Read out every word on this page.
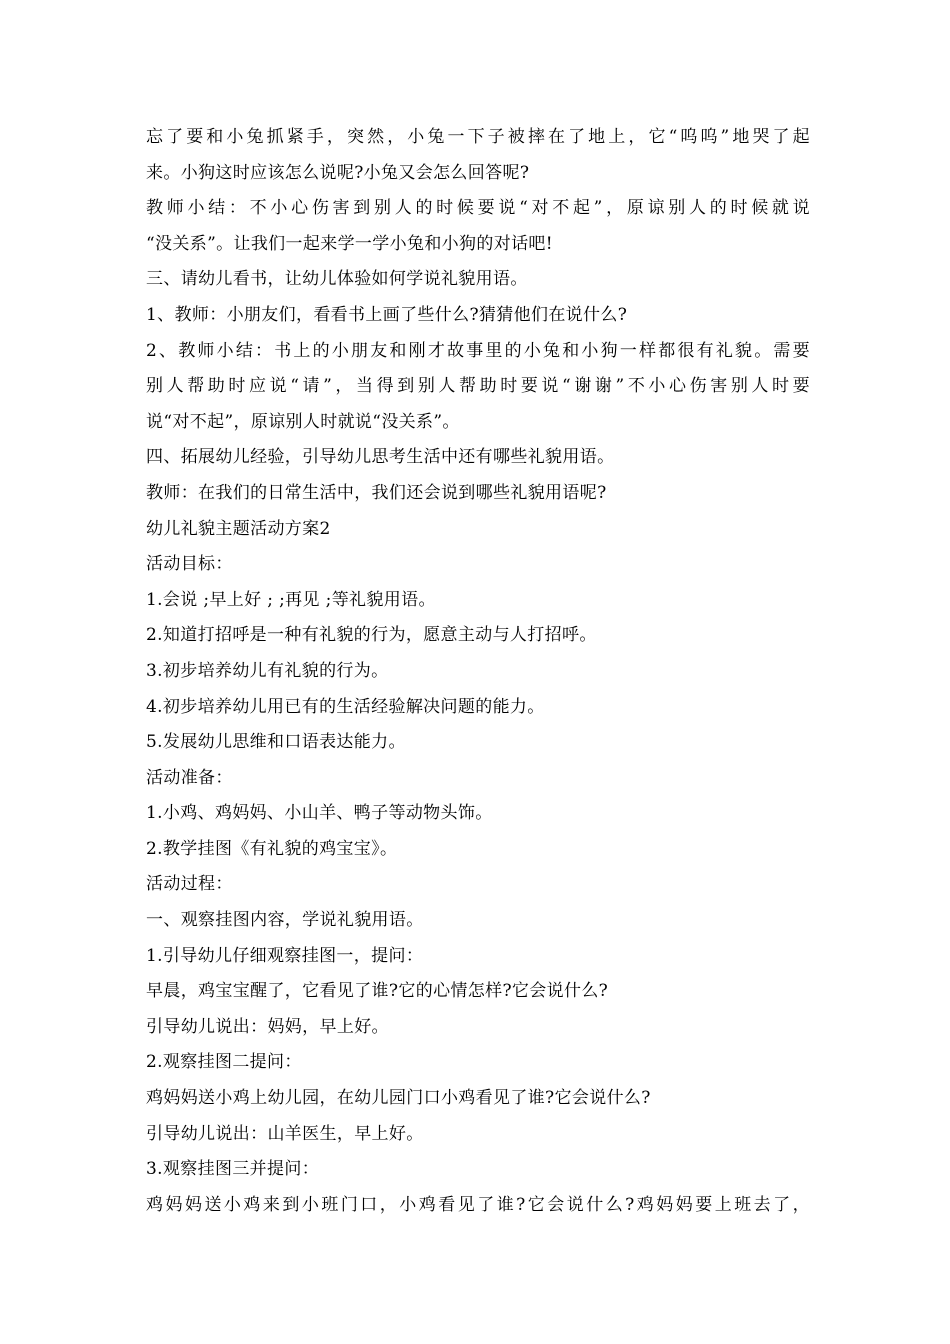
忘了要和小兔抓紧手，突然，小兔一下子被摔在了地上，它“呜呜”地哭了起
来。小狗这时应该怎么说呢?小兔又会怎么回答呢?
教师小结：不小心伤害到别人的时候要说“对不起”，原谅别人的时候就说
“没关系”。让我们一起来学一学小兔和小狗的对话吧!
三、请幼儿看书，让幼儿体验如何学说礼貌用语。
1、教师：小朋友们，看看书上画了些什么?猜猜他们在说什么?
2、教师小结：书上的小朋友和刚才故事里的小兔和小狗一样都很有礼貌。需要
别人帮助时应说“请”，当得到别人帮助时要说“谢谢”不小心伤害别人时要
说“对不起”，原谅别人时就说“没关系”。
四、拓展幼儿经验，引导幼儿思考生活中还有哪些礼貌用语。
教师：在我们的日常生活中，我们还会说到哪些礼貌用语呢?
幼儿礼貌主题活动方案2
活动目标：
1.会说 ;早上好 ; ;再见 ;等礼貌用语。
2.知道打招呼是一种有礼貌的行为，愿意主动与人打招呼。
3.初步培养幼儿有礼貌的行为。
4.初步培养幼儿用已有的生活经验解决问题的能力。
5.发展幼儿思维和口语表达能力。
活动准备：
1.小鸡、鸡妈妈、小山羊、鸭子等动物头饰。
2.教学挂图《有礼貌的鸡宝宝》。
活动过程：
一、观察挂图内容，学说礼貌用语。
1.引导幼儿仔细观察挂图一，提问：
早晨，鸡宝宝醒了，它看见了谁?它的心情怎样?它会说什么?
引导幼儿说出：妈妈，早上好。
2.观察挂图二提问：
鸡妈妈送小鸡上幼儿园，在幼儿园门口小鸡看见了谁?它会说什么?
引导幼儿说出：山羊医生，早上好。
3.观察挂图三并提问：
鸡妈妈送小鸡来到小班门口，小鸡看见了谁?它会说什么?鸡妈妈要上班去了，
